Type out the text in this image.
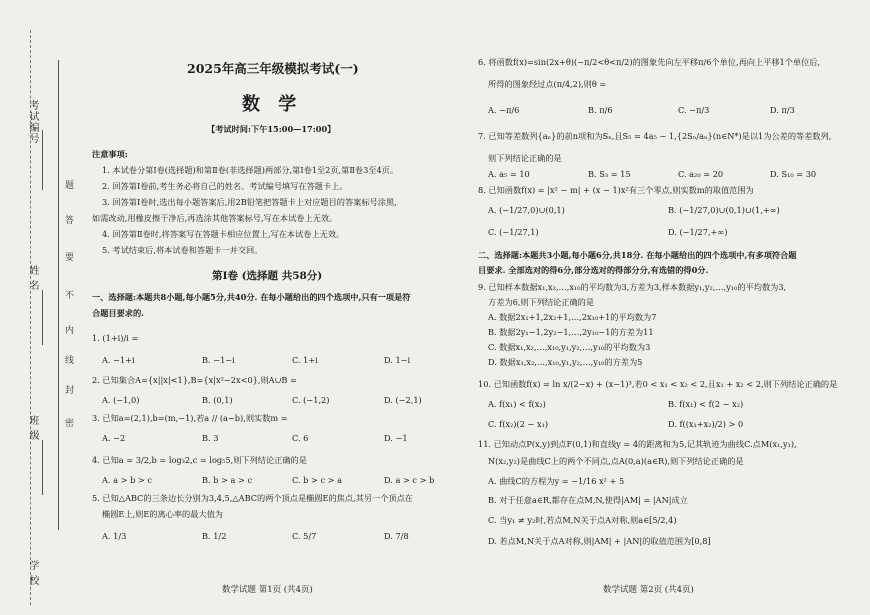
考试编号
姓 名
班 级
学 校
题
答
要
不
内
线
封
密
2025年高三年级模拟考试(一)
数 学
【考试时间:下午15:00—17:00】
注意事项:
1. 本试卷分第Ⅰ卷(选择题)和第Ⅱ卷(非选择题)两部分,第Ⅰ卷1至2页,第Ⅱ卷3至4页。
2. 回答第Ⅰ卷前,考生务必将自己的姓名、考试编号填写在答题卡上。
3. 回答第Ⅰ卷时,选出每小题答案后,用2B铅笔把答题卡上对应题目的答案标号涂黑,
如需改动,用橡皮擦干净后,再选涂其他答案标号,写在本试卷上无效。
4. 回答第Ⅱ卷时,将答案写在答题卡相应位置上,写在本试卷上无效。
5. 考试结束后,将本试卷和答题卡一并交回。
第Ⅰ卷 (选择题 共58分)
一、选择题:本题共8小题,每小题5分,共40分. 在每小题给出的四个选项中,只有一项是符
合题目要求的.
1. (1+i)/i =
A. −1+i	B. −1−i	C. 1+i	D. 1−i
2. 已知集合A={x||x|<1},B={x|x²−2x<0},则A∪B =
A. (−1,0)	B. (0,1)	C. (−1,2)	D. (−2,1)
3. 已知a=(2,1),b=(m,−1),若a // (a−b),则实数m =
A. −2	B. 3	C. 6	D. −1
4. 已知a = 3/2,b = log₃2,c = log₅5,则下列结论正确的是
A. a > b > c	B. b > a > c	C. b > c > a	D. a > c > b
5. 已知△ABC的三条边长分别为3,4,5,△ABC的两个顶点是椭圆E的焦点,其另一个顶点在
椭圆E上,则E的离心率的最大值为
A. 1/3	B. 1/2	C. 5/7	D. 7/8
数学试题 第1页 (共4页)
6. 将函数f(x)=sin(2x+θ)(−π/2<θ<π/2)的图象先向左平移π/6个单位,再向上平移1个单位后,
所得的图象经过点(π/4,2),则θ =
A. −π/6	B. π/6	C. −π/3	D. π/3
7. 已知等差数列{aₙ}的前n项和为Sₙ,且S₅ = 4a₅ − 1,{2Sₙ/aₙ}(n∈N*)是以1为公差的等差数列,
则下列结论正确的是
A. a₅ = 10	B. S₃ = 15	C. a₂₀ = 20	D. S₁₀ = 30
8. 已知函数f(x) = |x² − m| + (x − 1)x²有三个零点,则实数m的取值范围为
A. (−1/27,0)∪(0,1)	B. (−1/27,0)∪(0,1)∪(1,+∞)
C. (−1/27,1)	D. (−1/27,+∞)
二、选择题:本题共3小题,每小题6分,共18分. 在每小题给出的四个选项中,有多项符合题
目要求. 全部选对的得6分,部分选对的得部分分,有选错的得0分.
9. 已知样本数据x₁,x₂,…,x₁₀的平均数为3,方差为3,样本数据y₁,y₂,…,y₁₀的平均数为3,
方差为6,则下列结论正确的是
A. 数据2x₁+1,2x₂+1,…,2x₁₀+1的平均数为7
B. 数据2y₁−1,2y₂−1,…,2y₁₀−1的方差为11
C. 数据x₁,x₂,…,x₁₀,y₁,y₂,…,y₁₀的平均数为3
D. 数据x₁,x₂,…,x₁₀,y₁,y₂,…,y₁₀的方差为5
10. 已知函数f(x) = ln x/(2−x) + (x−1)³,若0 < x₁ < x₂ < 2,且x₁ + x₂ < 2,则下列结论正确的是
A. f(x₁) < f(x₂)	B. f(x₁) < f(2 − x₂)
C. f(x₂)(2 − x₁)	D. f((x₁+x₂)/2) > 0
11. 已知动点P(x,y)到点F(0,1)和直线y = 4的距离和为5,记其轨迹为曲线C.点M(x₁,y₁),
N(x₂,y₂)是曲线C上的两个不同点,点A(0,a)(a∈R),则下列结论正确的是
A. 曲线C的方程为y = −1/16 x² + 5
B. 对于任意a∈R,都存在点M,N,使得|AM| = |AN|成立
C. 当y₁ ≠ y₂时,若点M,N关于点A对称,则a∈[5/2,4)
D. 若点M,N关于点A对称,则|AM| + |AN|的取值范围为[0,8]
数学试题 第2页 (共4页)
